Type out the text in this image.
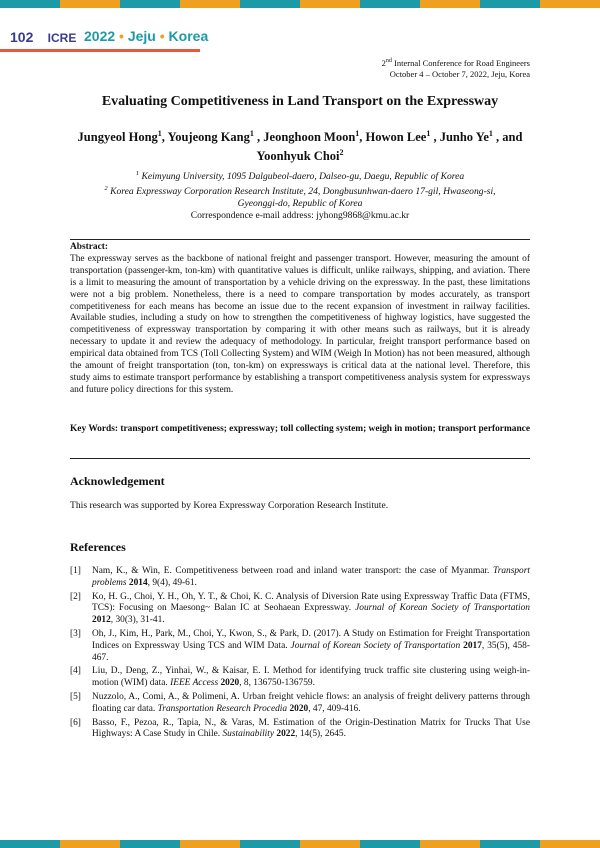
102 ICRE 2022 • Jeju • Korea
2nd Internal Conference for Road Engineers
October 4 – October 7, 2022, Jeju, Korea
Evaluating Competitiveness in Land Transport on the Expressway
Jungyeol Hong$^1$, Youjeong Kang$^1$ , Jeonghoon Moon$^1$, Howon Lee$^1$ , Junho Ye$^1$ , and Yoonhyuk Choi$^2$
$^1$ Keimyung University, 1095 Dalgubeol-daero, Dalseo-gu, Daegu, Republic of Korea
$^2$ Korea Expressway Corporation Research Institute, 24, Dongbusunhwan-daero 17-gil, Hwaseong-si,
Gyeonggi-do, Republic of Korea
Correspondence e-mail address: jyhong9868@kmu.ac.kr
Abstract:
The expressway serves as the backbone of national freight and passenger transport. However, measuring the amount of transportation (passenger-km, ton-km) with quantitative values is difficult, unlike railways, shipping, and aviation. There is a limit to measuring the amount of transportation by a vehicle driving on the expressway. In the past, these limitations were not a big problem. Nonetheless, there is a need to compare transportation by modes accurately, as transport competitiveness for each means has become an issue due to the recent expansion of investment in railway facilities. Available studies, including a study on how to strengthen the competitiveness of highway logistics, have suggested the competitiveness of expressway transportation by comparing it with other means such as railways, but it is already necessary to update it and review the adequacy of methodology. In particular, freight transport performance based on empirical data obtained from TCS (Toll Collecting System) and WIM (Weigh In Motion) has not been measured, although the amount of freight transportation (ton, ton-km) on expressways is critical data at the national level. Therefore, this study aims to estimate transport performance by establishing a transport competitiveness analysis system for expressways and future policy directions for this system.
Key Words: transport competitiveness; expressway; toll collecting system; weigh in motion; transport performance
Acknowledgement
This research was supported by Korea Expressway Corporation Research Institute.
References
[1] Nam, K., & Win, E. Competitiveness between road and inland water transport: the case of Myanmar. Transport problems 2014, 9(4), 49-61.
[2] Ko, H. G., Choi, Y. H., Oh, Y. T., & Choi, K. C. Analysis of Diversion Rate using Expressway Traffic Data (FTMS, TCS): Focusing on Maesong~ Balan IC at Seohaean Expressway. Journal of Korean Society of Transportation 2012, 30(3), 31-41.
[3] Oh, J., Kim, H., Park, M., Choi, Y., Kwon, S., & Park, D. (2017). A Study on Estimation for Freight Transportation Indices on Expressway Using TCS and WIM Data. Journal of Korean Society of Transportation 2017, 35(5), 458-467.
[4] Liu, D., Deng, Z., Yinhai, W., & Kaisar, E. I. Method for identifying truck traffic site clustering using weigh-in-motion (WIM) data. IEEE Access 2020, 8, 136750-136759.
[5] Nuzzolo, A., Comi, A., & Polimeni, A. Urban freight vehicle flows: an analysis of freight delivery patterns through floating car data. Transportation Research Procedia 2020, 47, 409-416.
[6] Basso, F., Pezoa, R., Tapia, N., & Varas, M. Estimation of the Origin-Destination Matrix for Trucks That Use Highways: A Case Study in Chile. Sustainability 2022, 14(5), 2645.
